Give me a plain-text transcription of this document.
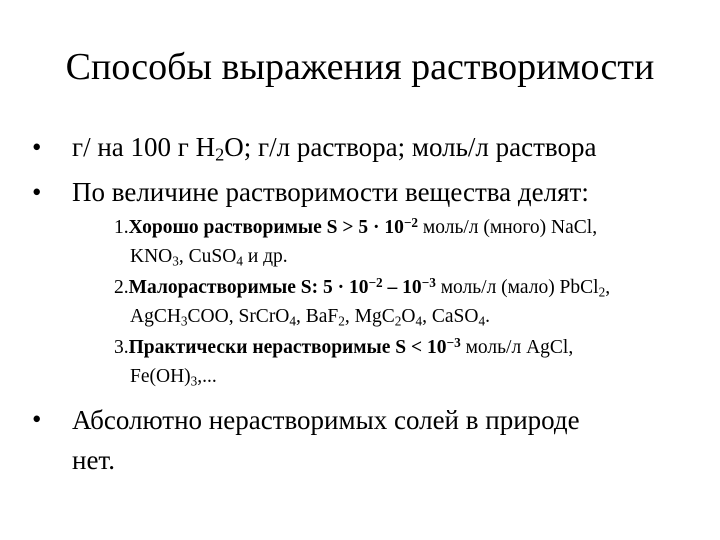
Способы выражения растворимости
•	г/ на 100 г $H_2O$; г/л раствора; моль/л раствора
•	По величине растворимости вещества делят:
1.Хорошо растворимые $S > 5 \cdot 10^{-2}$ моль/л (много) NaCl,
$KNO_3$, CuSO$_4$ и др.
2.Малорастворимые S: $5 \cdot 10^{-2} - 10^{-3}$ моль/л (мало) PbCl$_2$,
AgCH$_3$COO, SrCrO$_4$, BaF$_2$, $MgC_2O_4$, CaSO$_4$.
3.Практически нерастворимые $S < 10^{-3}$ моль/л AgCl,
$Fe(OH)_3$,...
•	Абсолютно нерастворимых солей в природе
нет.
